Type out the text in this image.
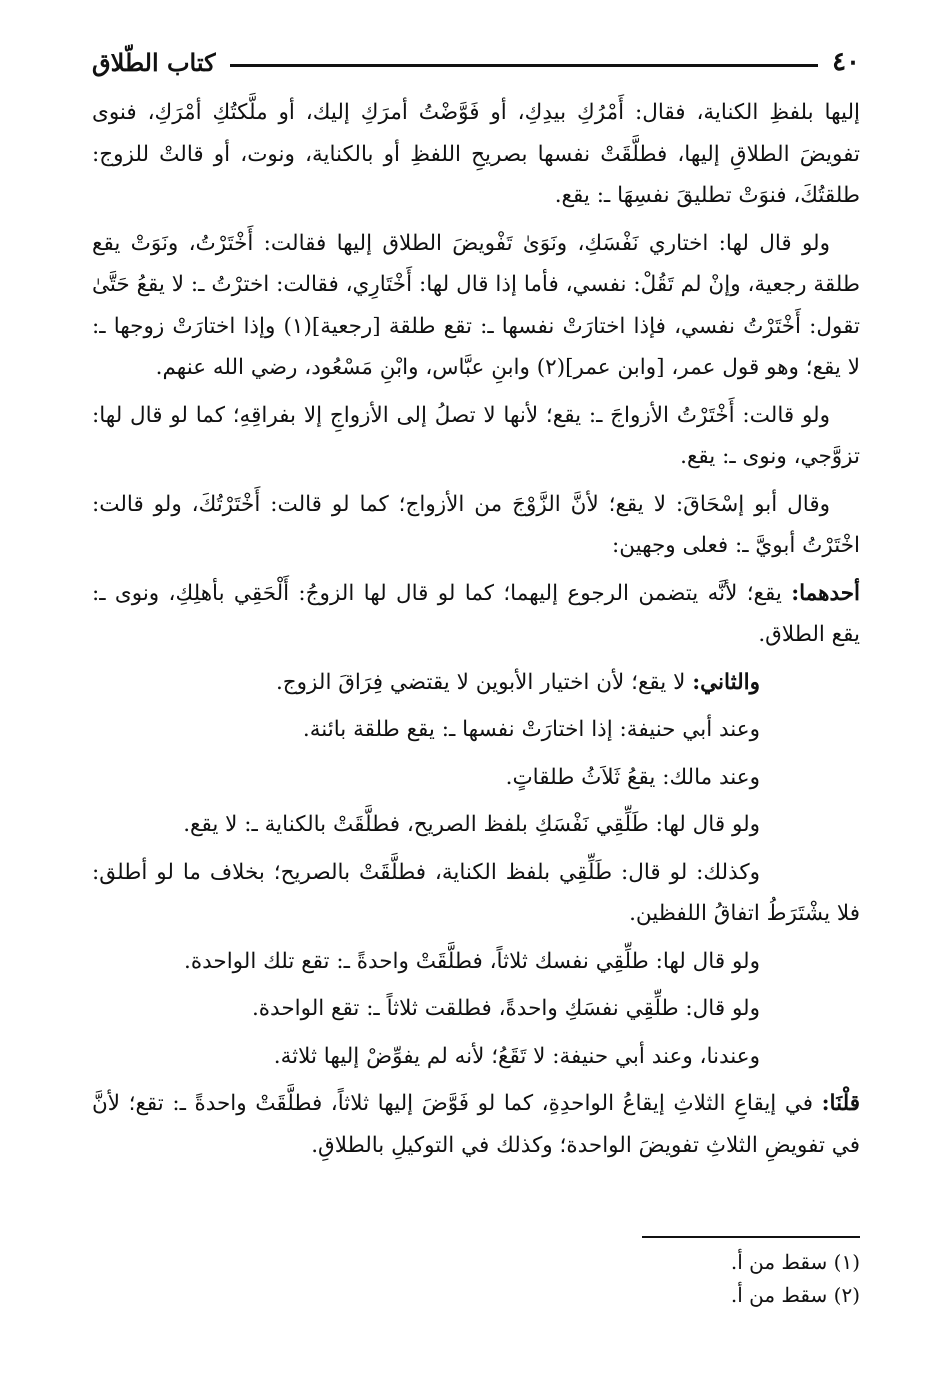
٤٠
كتاب الطّلاق

إليها بلفظِ الكناية، فقال: أَمْرُكِ بيدِكِ، أو فَوَّضْتُ أمرَكِ إليك، أو ملَّكتُكِ أمْرَكِ، فنوى تفويضَ الطلاقِ إليها، فطلَّقَتْ نفسها بصريحِ اللفظِ أو بالكناية، ونوت، أو قالتْ للزوج: طلقتُكَ، فنوَتْ تطليقَ نفسِهَا ـ: يقع.

ولو قال لها: اختاري نَفْسَكِ، ونَوَىٰ تَفْويضَ الطلاق إليها فقالت: أَخْتَرْتُ، ونَوَتْ يقع طلقة رجعية، وإنْ لم تَقُلْ: نفسي، فأما إذا قال لها: أَخْتَارِي، فقالت: اخترْتُ ـ: لا يقعُ حَتَّىٰ تقول: أَخْتَرْتُ نفسي، فإذا اختارَتْ نفسها ـ: تقع طلقة [رجعية](١) وإذا اختارَتْ زوجها ـ: لا يقع؛ وهو قول عمر، [وابن عمر](٢) وابنِ عبَّاس، وابْنِ مَسْعُود، رضي الله عنهم.

ولو قالت: أَخْتَرْتُ الأزواجَ ـ: يقع؛ لأنها لا تصلُ إلى الأزواجِ إلا بفراقِهِ؛ كما لو قال لها: تزوَّجي، ونوى ـ: يقع.

وقال أبو إسْحَاقَ: لا يقع؛ لأنَّ الزَّوْجَ من الأزواج؛ كما لو قالت: أَخْتَرْتُكَ، ولو قالت: اخْتَرْتُ أبويَّ ـ: فعلى وجهين:

أحدهما: يقع؛ لأنَّه يتضمن الرجوع إليهما؛ كما لو قال لها الزوجُ: أَلْحَقِي بأهلِكِ، ونوى ـ: يقع الطلاق.

والثاني: لا يقع؛ لأن اختيار الأبوين لا يقتضي فِرَاقَ الزوج.

وعند أبي حنيفة: إذا اختارَتْ نفسها ـ: يقع طلقة بائنة.

وعند مالك: يقعُ ثَلاَثُ طلقاتٍ.

ولو قال لها: طَلِّقِي نَفْسَكِ بلفظ الصريح، فطلَّقَتْ بالكناية ـ: لا يقع.

وكذلك: لو قال: طَلِّقِي بلفظ الكناية، فطلَّقَتْ بالصريح؛ بخلاف ما لو أطلق: فلا يشْتَرَطُ اتفاقُ اللفظين.

ولو قال لها: طلِّقِي نفسك ثلاثاً، فطلَّقَتْ واحدةً ـ: تقع تلك الواحدة.

ولو قال: طلِّقِي نفسَكِ واحدةً، فطلقت ثلاثاً ـ: تقع الواحدة.

وعندنا، وعند أبي حنيفة: لا تَقَعُ؛ لأنه لم يفوِّضْ إليها ثلاثة.

قلْنَا: في إيقاعِ الثلاثِ إيقاعُ الواحدِةِ، كما لو فَوَّضَ إليها ثلاثاً، فطلَّقَتْ واحدةً ـ: تقع؛ لأنَّ في تفويضِ الثلاثِ تفويضَ الواحدة؛ وكذلك في التوكيلِ بالطلاقِ.

(١) سقط من أ.

(٢) سقط من أ.
